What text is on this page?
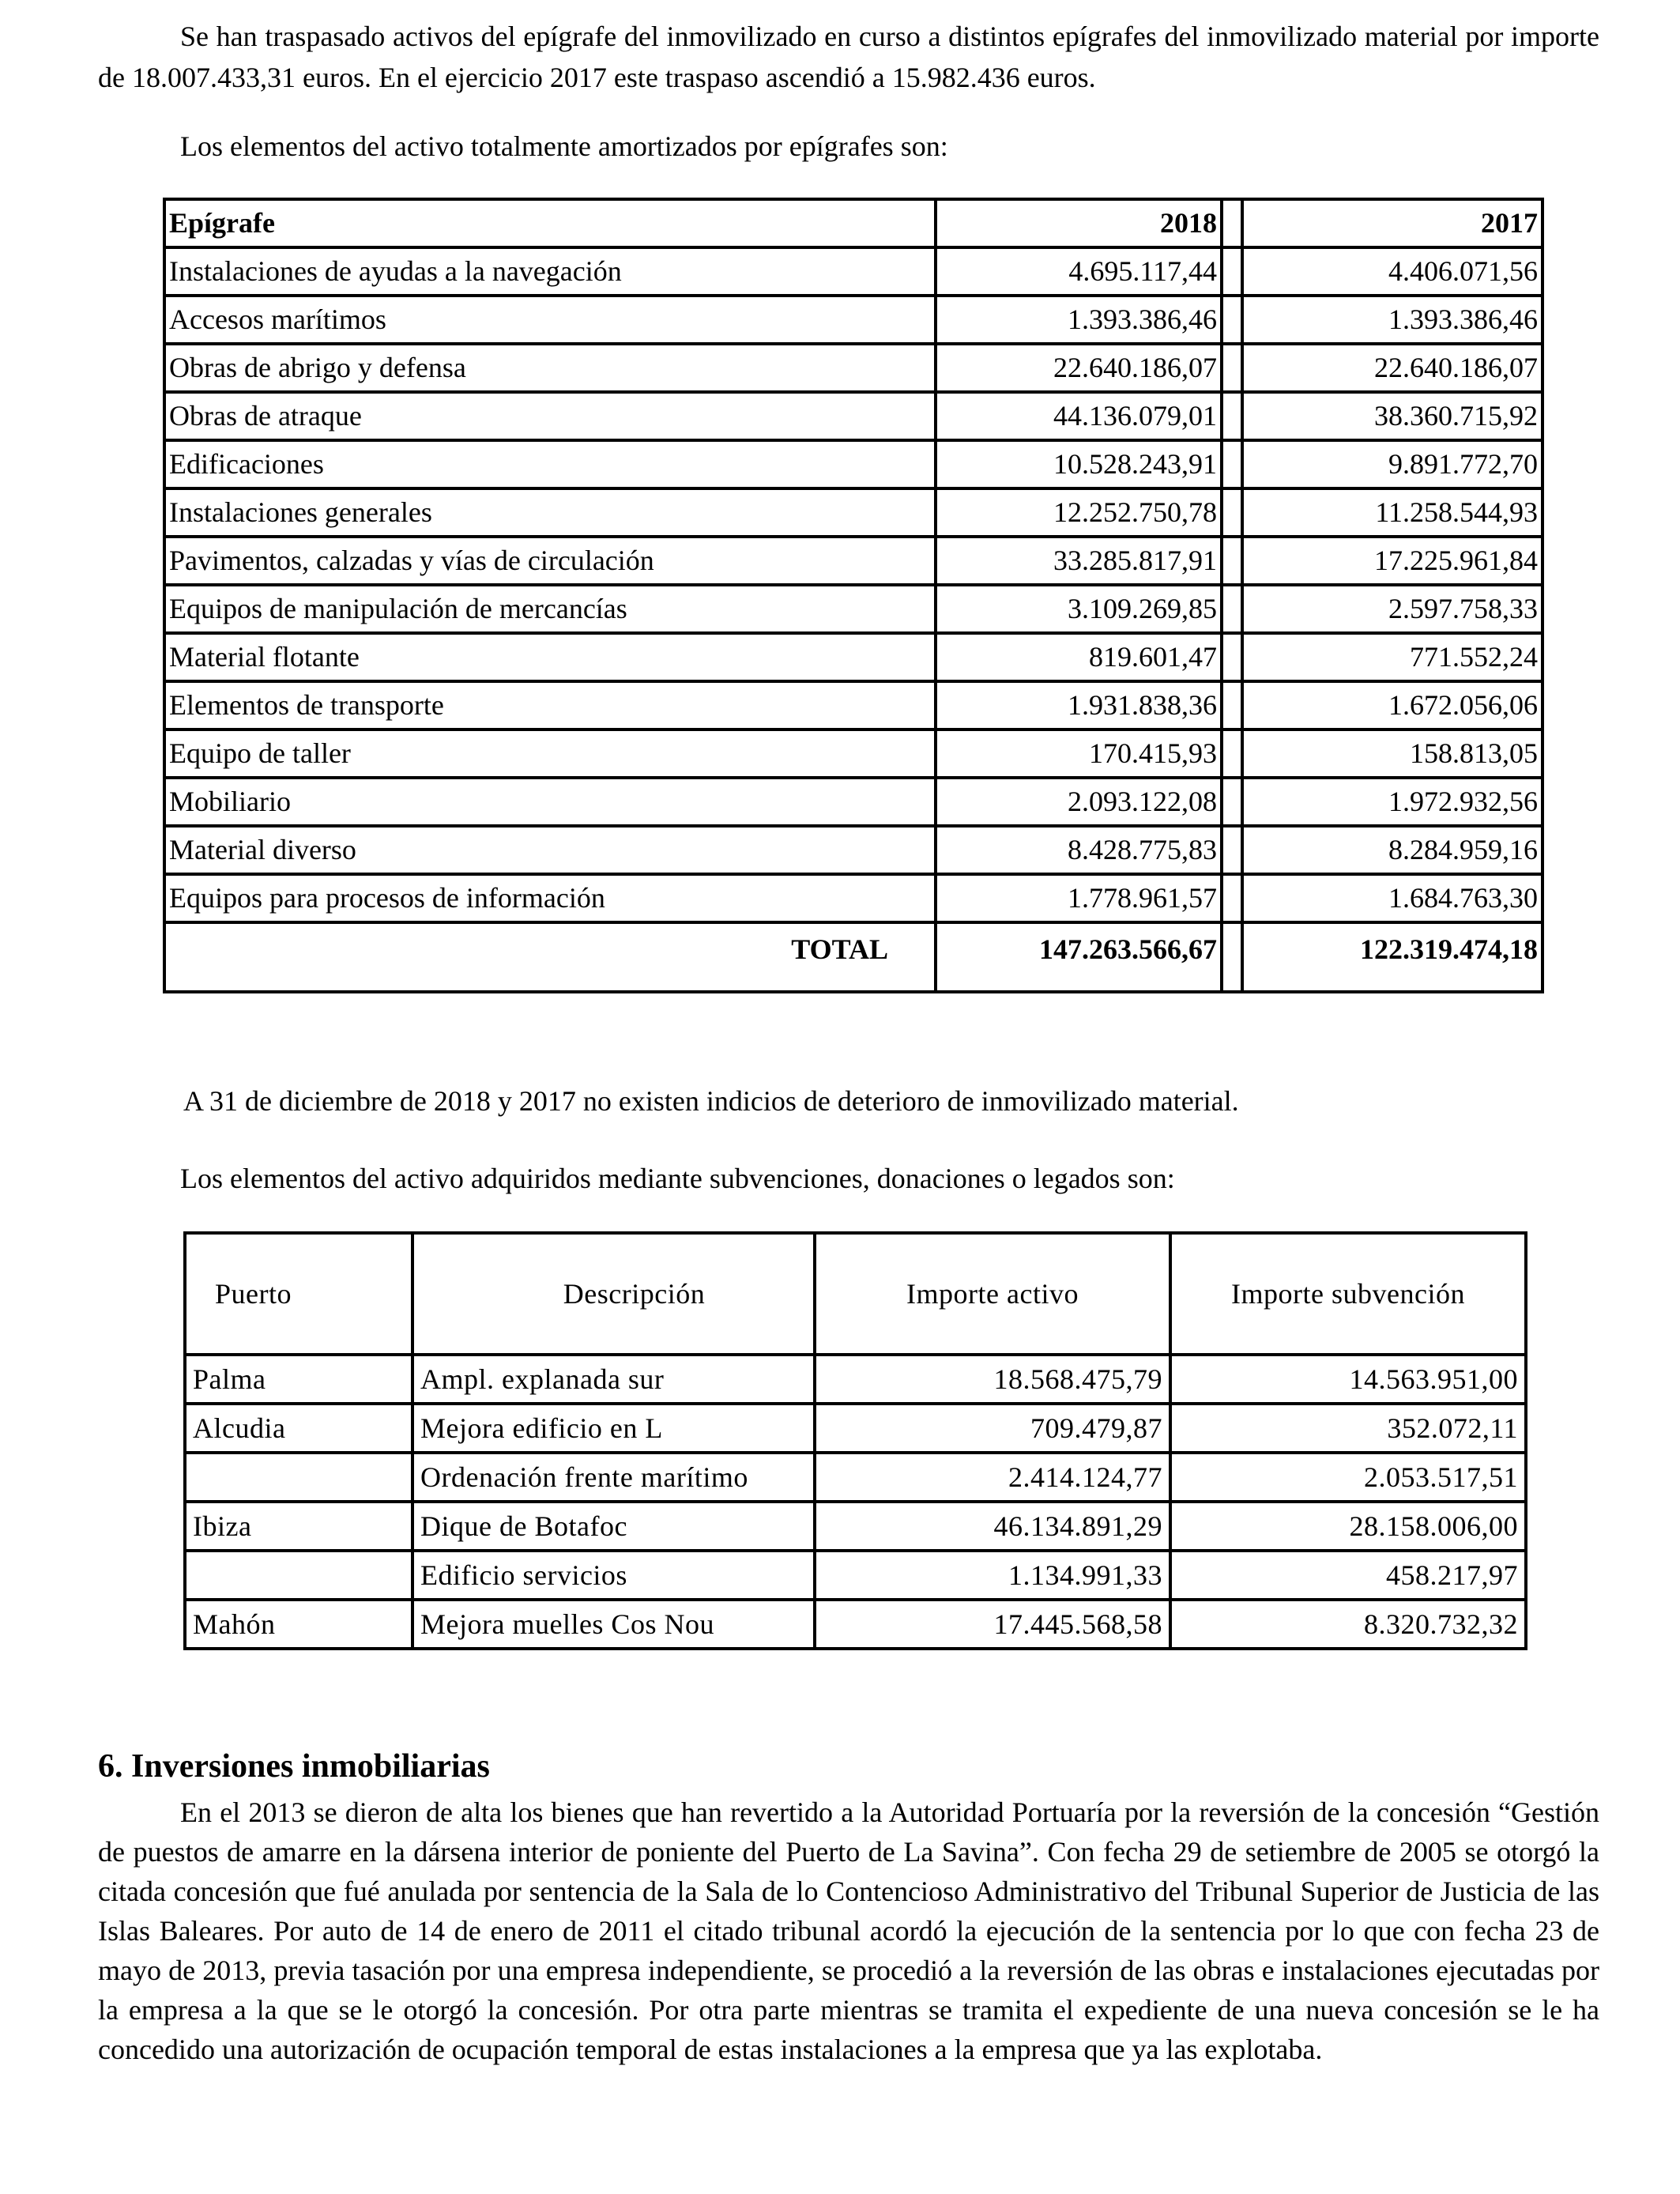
Se han traspasado activos del epígrafe del inmovilizado en curso a distintos epígrafes del inmovilizado material por importe de 18.007.433,31 euros. En el ejercicio 2017 este traspaso ascendió a 15.982.436 euros.

Los elementos del activo totalmente amortizados por epígrafes son:

Epígrafe	2018		2017
Instalaciones de ayudas a la navegación	4.695.117,44		4.406.071,56
Accesos marítimos	1.393.386,46		1.393.386,46
Obras de abrigo y defensa	22.640.186,07		22.640.186,07
Obras de atraque	44.136.079,01		38.360.715,92
Edificaciones	10.528.243,91		9.891.772,70
Instalaciones generales	12.252.750,78		11.258.544,93
Pavimentos, calzadas y vías de circulación	33.285.817,91		17.225.961,84
Equipos de manipulación de mercancías	3.109.269,85		2.597.758,33
Material flotante	819.601,47		771.552,24
Elementos de transporte	1.931.838,36		1.672.056,06
Equipo de taller	170.415,93		158.813,05
Mobiliario	2.093.122,08		1.972.932,56
Material diverso	8.428.775,83		8.284.959,16
Equipos para procesos de información	1.778.961,57		1.684.763,30
TOTAL	147.263.566,67		122.319.474,18

A 31 de diciembre de 2018 y 2017 no existen indicios de deterioro de inmovilizado material.

Los elementos del activo adquiridos mediante subvenciones, donaciones o legados son:

Puerto	Descripción	Importe activo	Importe subvención
Palma	Ampl. explanada sur	18.568.475,79	14.563.951,00
Alcudia	Mejora edificio en L	709.479,87	352.072,11
	Ordenación frente marítimo	2.414.124,77	2.053.517,51
Ibiza	Dique de Botafoc	46.134.891,29	28.158.006,00
	Edificio servicios	1.134.991,33	458.217,97
Mahón	Mejora muelles Cos Nou	17.445.568,58	8.320.732,32
6. Inversiones inmobiliarias

En el 2013 se dieron de alta los bienes que han revertido a la Autoridad Portuaría por la reversión de la concesión “Gestión de puestos de amarre en la dársena interior de poniente del Puerto de La Savina”. Con fecha 29 de setiembre de 2005 se otorgó la citada concesión que fué anulada por sentencia de la Sala de lo Contencioso Administrativo del Tribunal Superior de Justicia de las Islas Baleares. Por auto de 14 de enero de 2011 el citado tribunal acordó la ejecución de la sentencia por lo que con fecha 23 de mayo de 2013, previa tasación por una empresa independiente, se procedió a la reversión de las obras e instalaciones ejecutadas por la empresa a la que se le otorgó la concesión. Por otra parte mientras se tramita el expediente de una nueva concesión se le ha concedido una autorización de ocupación temporal de estas instalaciones a la empresa que ya las explotaba.
